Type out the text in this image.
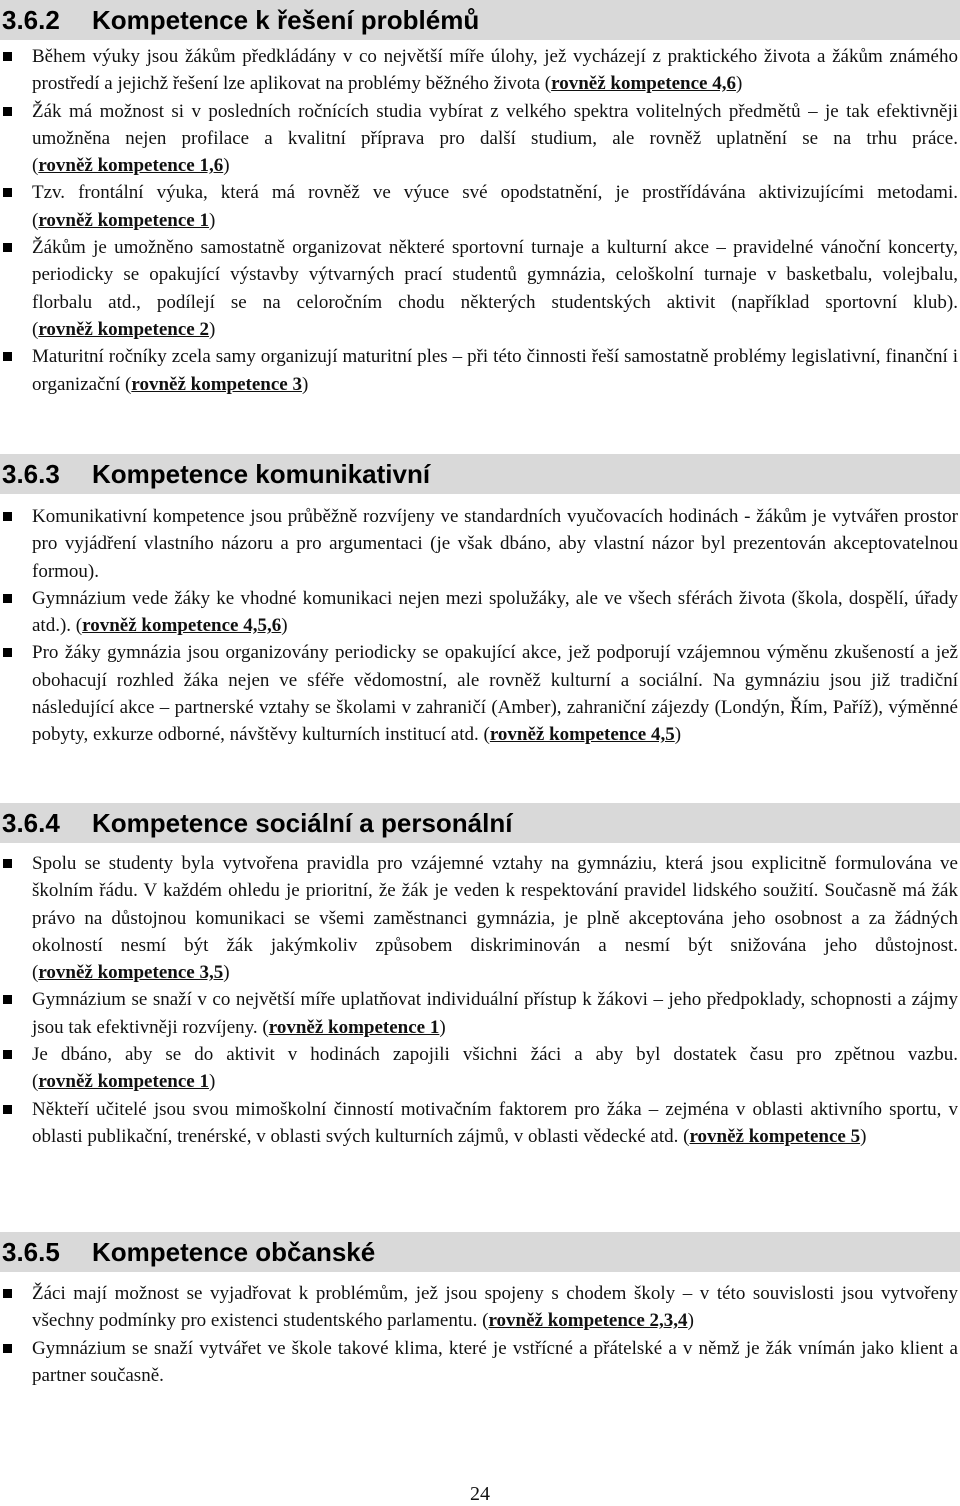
3.6.2 Kompetence k řešení problémů
Během výuky jsou žákům předkládány v co největší míře úlohy, jež vycházejí z praktického života a žákům známého prostředí a jejichž řešení lze aplikovat na problémy běžného života (rovněž kompetence 4,6)
Žák má možnost si v posledních ročnících studia vybírat z velkého spektra volitelných předmětů – je tak efektivněji umožněna nejen profilace a kvalitní příprava pro další studium, ale rovněž uplatnění se na trhu práce. (rovněž kompetence 1,6)
Tzv. frontální výuka, která má rovněž ve výuce své opodstatnění, je prostřídávána aktivizujícími metodami. (rovněž kompetence 1)
Žákům je umožněno samostatně organizovat některé sportovní turnaje a kulturní akce – pravidelné vánoční koncerty, periodicky se opakující výstavby výtvarných prací studentů gymnázia, celoškolní turnaje v basketbalu, volejbalu, florbalu atd., podílejí se na celoročním chodu některých studentských aktivit (například sportovní klub). (rovněž kompetence 2)
Maturitní ročníky zcela samy organizují maturitní ples – při této činnosti řeší samostatně problémy legislativní, finanční i organizační (rovněž kompetence 3)
3.6.3 Kompetence komunikativní
Komunikativní kompetence jsou průběžně rozvíjeny ve standardních vyučovacích hodinách - žákům je vytvářen prostor pro vyjádření vlastního názoru a pro argumentaci (je však dbáno, aby vlastní názor byl prezentován akceptovatelnou formou).
Gymnázium vede žáky ke vhodné komunikaci nejen mezi spolužáky, ale ve všech sférách života (škola, dospělí, úřady atd.). (rovněž kompetence 4,5,6)
Pro žáky gymnázia jsou organizovány periodicky se opakující akce, jež podporují vzájemnou výměnu zkušeností a jež obohacují rozhled žáka nejen ve sféře vědomostní, ale rovněž kulturní a sociální. Na gymnáziu jsou již tradiční následující akce – partnerské vztahy se školami v zahraničí (Amber), zahraniční zájezdy (Londýn, Řím, Paříž), výměnné pobyty, exkurze odborné, návštěvy kulturních institucí atd. (rovněž kompetence 4,5)
3.6.4 Kompetence sociální a personální
Spolu se studenty byla vytvořena pravidla pro vzájemné vztahy na gymnáziu, která jsou explicitně formulována ve školním řádu. V každém ohledu je prioritní, že žák je veden k respektování pravidel lidského soužití. Současně má žák právo na důstojnou komunikaci se všemi zaměstnanci gymnázia, je plně akceptována jeho osobnost a za žádných okolností nesmí být žák jakýmkoliv způsobem diskriminován a nesmí být snižována jeho důstojnost. (rovněž kompetence 3,5)
Gymnázium se snaží v co největší míře uplatňovat individuální přístup k žákovi – jeho předpoklady, schopnosti a zájmy jsou tak efektivněji rozvíjeny. (rovněž kompetence 1)
Je dbáno, aby se do aktivit v hodinách zapojili všichni žáci a aby byl dostatek času pro zpětnou vazbu. (rovněž kompetence 1)
Někteří učitelé jsou svou mimoškolní činností motivačním faktorem pro žáka – zejména v oblasti aktivního sportu, v oblasti publikační, trenérské, v oblasti svých kulturních zájmů, v oblasti vědecké atd. (rovněž kompetence 5)
3.6.5 Kompetence občanské
Žáci mají možnost se vyjadřovat k problémům, jež jsou spojeny s chodem školy – v této souvislosti jsou vytvořeny všechny podmínky pro existenci studentského parlamentu. (rovněž kompetence 2,3,4)
Gymnázium se snaží vytvářet ve škole takové klima, které je vstřícné a přátelské a v němž je žák vnímán jako klient a partner současně.
24
